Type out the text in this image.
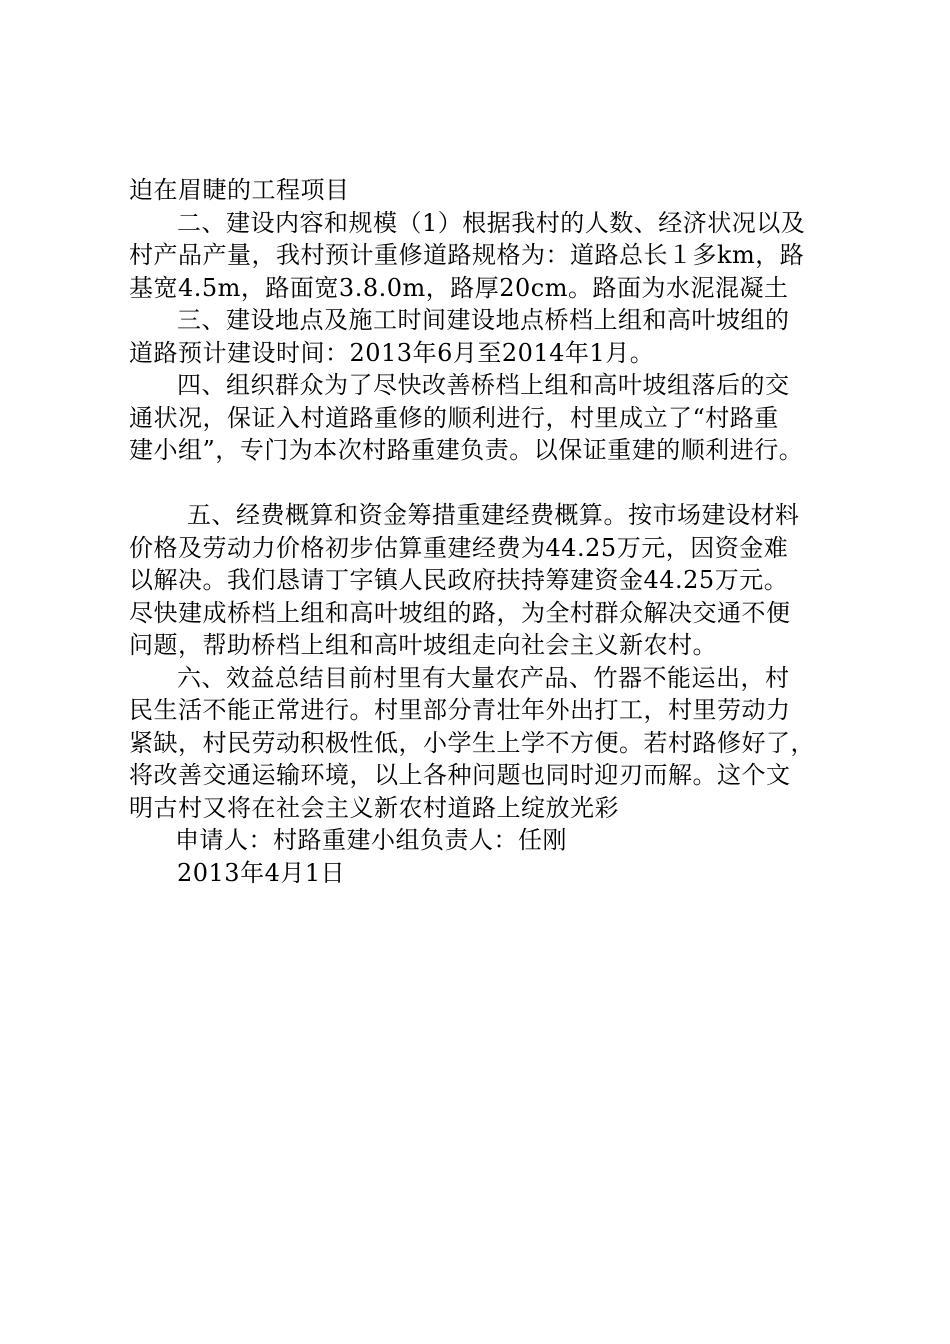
迫在眉睫的工程项目
二、建设内容和规模（1）根据我村的人数、经济状况以及
村产品产量，我村预计重修道路规格为：道路总长１多km，路
基宽4.5m，路面宽3.8.0m，路厚20cm。路面为水泥混凝土
三、建设地点及施工时间建设地点桥档上组和高叶坡组的
道路预计建设时间：2013年6月至2014年1月。
四、组织群众为了尽快改善桥档上组和高叶坡组落后的交
通状况，保证入村道路重修的顺利进行，村里成立了“村路重
建小组”，专门为本次村路重建负责。以保证重建的顺利进行。
五、经费概算和资金筹措重建经费概算。按市场建设材料
价格及劳动力价格初步估算重建经费为44.25万元，因资金难
以解决。我们恳请丁字镇人民政府扶持筹建资金44.25万元。
尽快建成桥档上组和高叶坡组的路，为全村群众解决交通不便
问题，帮助桥档上组和高叶坡组走向社会主义新农村。
六、效益总结目前村里有大量农产品、竹器不能运出，村
民生活不能正常进行。村里部分青壮年外出打工，村里劳动力
紧缺，村民劳动积极性低，小学生上学不方便。若村路修好了，
将改善交通运输环境，以上各种问题也同时迎刃而解。这个文
明古村又将在社会主义新农村道路上绽放光彩
申请人：村路重建小组负责人：任刚
2013年4月1日
